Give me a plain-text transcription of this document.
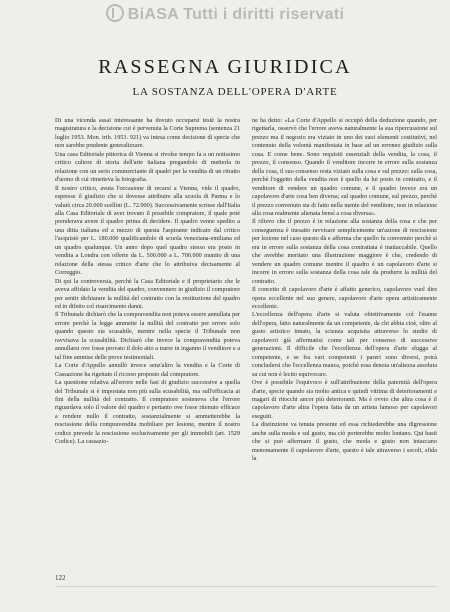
BiASA Tutti i diritti riservati
RASSEGNA GIURIDICA
LA SOSTANZA DELL'OPERA D'ARTE

Di una vicenda assai interessante ha dovuto occuparsi testè la nostra magistratura e la decisione cui è pervenuta la Corte Suprema (sentenza 21 luglio 1953. Mon. trib. 1953. 921) va intesa come decisione di specie che non sarebbe prudente generalizzare.

Una casa Editoriale pittorica di Vienna si rivolse tempo fa a un notissimo critico cultore di storia dell'arte italiana pregandolo di metterla in relazione con un serio commerciante di quadri per la vendita di un ritratto d'uomo di cui rimetteva la fotografia.

Il nostro critico, avuta l'occasione di recarsi a Vienna, vide il quadro, espresse il giudizio che si dovesse attribuire alla scuola di Parma e lo valutò circa 20.000 scellini (L. 72.000). Successivamente scrisse dall'Italia alla Casa Editoriale di aver trovato il possibile compratore, il quale potè prenderava avere il quadro prima di decidere. Il quadro venne spedito a una ditta italiana ed a mezzo di questa l'aspirante indicato dal critico l'acquistò per L. 180.000 qualificandolo di scuola veneziana-emiliana ed un quadro qualunque. Un anno dopo quel quadro stesso era posto in vendita a Londra con offerte da L. 500.000 a L. 700.000 munito di una relazione della stessa critico d'arte che lo attribuiva decisamente al Correggio.

Di qui la controversia, perchè la Casa Editoriale e il proprietario che le aveva affidato la vendita del quadro, convennero in giudizio il compratore per sentir dichiarare la nullità del contratto con la restituzione del quadro ed in difetto col risarcimento danni.

Il Tribunale dichiarò che la compravendita non poteva essere annullata per errore perchè la legge ammette la nullità del contratto per errore solo quando questo sia scusabile, mentre nella specie il Tribunale non ravvisava la scusabilità. Dichiarò che invece la compravendita poteva annullarsi ove fosse provato il dolo atto a trarre in inganno il venditore e a tal fine ammise delle prove testimoniali.

La Corte d'Appello annullò invece senz'altro la vendita e la Corte di Cassazione ha rigettato il ricorso proposto dal compratore.

La questione relativa all'errore nelle fasi di giudizio successive a quella del Tribunale si è impostata non più sulla scusabilità, ma sull'efficacia ai fini della nullità del contratto. Il compratore sosteneva che l'errore riguardava solo il valore del quadro e pertanto ove fosse ritenuto efficace a rendere nullo il contratto, sostanzialmente si ammetterebbe la rescissione della compravendita mobiliare per lesione, mentre il nostro codice prevede la rescissione esclusivamente per gli immobili (art. 1529 Codice). La cassazio-

ne ha detto: «La Corte d'Appello si occupò della deduzione quando, per rigettarla, osservò che l'errore aveva naturalmente la sua ripercussione sul prezzo ma il negozio era viziato in uno dei suoi elementi costitutivi, nel contenuto della volontà manifestata in base ad un erroneo giudizio sulla cosa. E come bene. Sono requisiti essenziali della vendita, la cosa, il prezzo, il consenso. Quando il venditore incorre in errore sulla sostanza della cosa, il suo consenso resta viziato sulla cosa e sul prezzo: sulla cosa, perchè l'oggetto della vendita non è quello da lui posto in contratto, e il venditore di vendere un quadro comune, e il quadro invece era un capolavoro d'arte cosa ben diversa; sul quadro comune, sul prezzo, perchè il prezzo convenuto sta di fatto nella mente del venditore, non in relazione alla cosa realmente alienata bensì a cosa diversa».

Il rilievo che il prezzo è in relazione alla sostanza della cosa e che per conseguenza è inesatto ravvisare semplicemente un'azione di rescissione per lesione nel caso questo dà e afferma che quello fu convenuto perchè si era in errore sulla sostanza della cosa contrattata è inattaccabile. Quello che avrebbe meritato una illustrazione maggiore è che, credendo di vendere un quadro comune mentre il quadro è un capolavoro d'arte si incorre in errore sulla sostanza della cosa tale da produrre la nullità del contratto.

Il concetto di capolavoro d'arte è affatto generico, capolavoro vuol dire opera eccellente nel suo genere, capolavoro d'arte opera artisticamente eccellente.

L'eccellenza dell'opera d'arte si valuta obiettivamente col l'esame dell'opera, fatto naturalmente da un competente, da chi abbia cioè, oltre al gusto artistico innato, la scienza acquisita attraverso lo studio di capolavori già affermatisi come tali per consenso di successive generazioni. Il difficile che l'eccellenza dell'opera d'arte sfugga al competente, e se fra vari competenti i pareri sono diversi, potrà concludersi che l'eccellenza manca, poichè essa denota un'altezza assoluta su cui non è lecito equivocare.

Ove è possibile l'equivoco è sull'attribuzione della paternità dell'opera d'arte, specie quando sia molto antica e quindi vittima di deterioramenti e magari di ritocchi ancor più deterioranti. Ma è ovvio che altra cosa è il capolavoro d'arte altra l'opera fatta da un artista famoso per capolavori eseguiti.

La distinzione va tenuta presente ed essa richiederebbe una digressione anche sulla moda e sul gusto, ma ciò porterebbe molto lontano. Qui basti che si può affermare il gusto, che moda e gusto non intaccano menomamente il capolavoro d'arte, questo è tale attraverso i secoli, sfida la

122
